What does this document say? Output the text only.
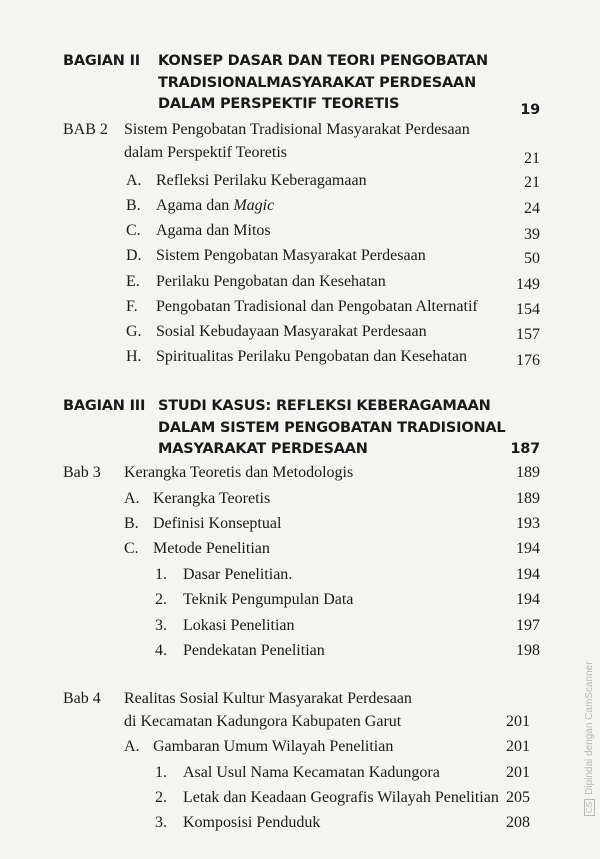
BAGIAN II KONSEP DASAR DAN TEORI PENGOBATAN
TRADISIONALMASYARAKAT PERDESAAN
DALAM PERSPEKTIF TEORETIS	19
BAB 2 Sistem Pengobatan Tradisional Masyarakat Perdesaan
dalam Perspektif Teoretis	21
A. Refleksi Perilaku Keberagamaan	21
B. Agama dan Magic	24
C. Agama dan Mitos	39
D. Sistem Pengobatan Masyarakat Perdesaan	50
E. Perilaku Pengobatan dan Kesehatan	149
F. Pengobatan Tradisional dan Pengobatan Alternatif 154
G. Sosial Kebudayaan Masyarakat Perdesaan	157
H. Spiritualitas Perilaku Pengobatan dan Kesehatan	176
BAGIAN III STUDI KASUS: REFLEKSI KEBERAGAMAAN
DALAM SISTEM PENGOBATAN TRADISIONAL
MASYARAKAT PERDESAAN	187
Bab 3 Kerangka Teoretis dan Metodologis	189
A. Kerangka Teoretis	189
B. Definisi Konseptual	193
C. Metode Penelitian	194
1. Dasar Penelitian.	194
2. Teknik Pengumpulan Data	194
3. Lokasi Penelitian	197
4. Pendekatan Penelitian	198
Bab 4 Realitas Sosial Kultur Masyarakat Perdesaan
di Kecamatan Kadungora Kabupaten Garut	201
A. Gambaran Umum Wilayah Penelitian	201
1. Asal Usul Nama Kecamatan Kadungora	201
2. Letak dan Keadaan Geografis Wilayah Penelitian 205
3. Komposisi Penduduk	208
CSDipindai dengan CamScanner
